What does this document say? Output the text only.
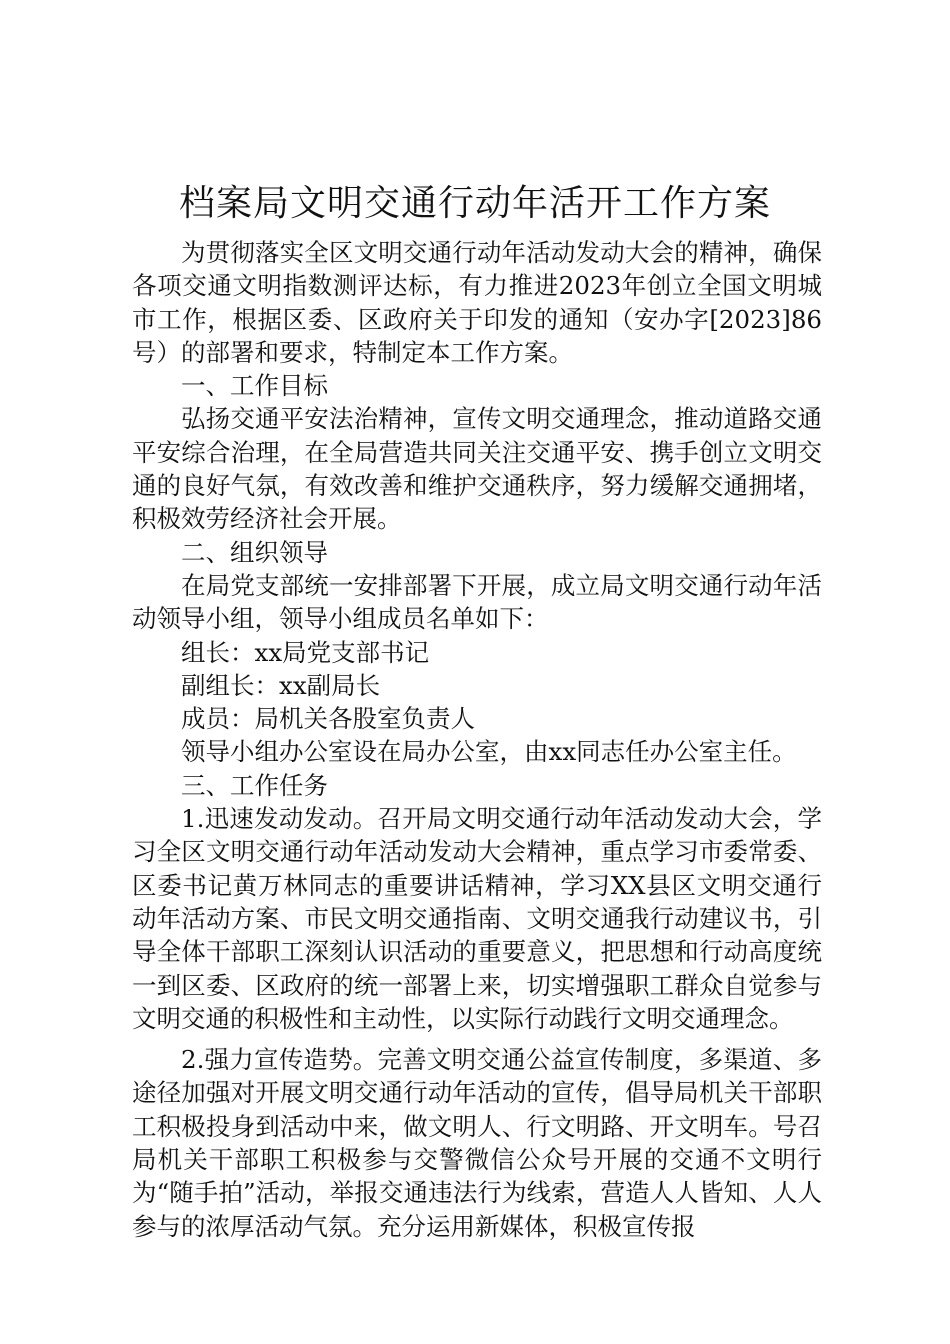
档案局文明交通行动年活开工作方案

为贯彻落实全区文明交通行动年活动发动大会的精神，确保各项交通文明指数测评达标，有力推进2023年创立全国文明城市工作，根据区委、区政府关于印发的通知（安办字[2023]86号）的部署和要求，特制定本工作方案。

一、工作目标

弘扬交通平安法治精神，宣传文明交通理念，推动道路交通平安综合治理，在全局营造共同关注交通平安、携手创立文明交通的良好气氛，有效改善和维护交通秩序，努力缓解交通拥堵，积极效劳经济社会开展。

二、组织领导

在局党支部统一安排部署下开展，成立局文明交通行动年活动领导小组，领导小组成员名单如下：

组长：xx局党支部书记

副组长：xx副局长

成员：局机关各股室负责人

领导小组办公室设在局办公室，由xx同志任办公室主任。

三、工作任务

1.迅速发动发动。召开局文明交通行动年活动发动大会，学习全区文明交通行动年活动发动大会精神，重点学习市委常委、区委书记黄万林同志的重要讲话精神，学习XX县区文明交通行动年活动方案、市民文明交通指南、文明交通我行动建议书，引导全体干部职工深刻认识活动的重要意义，把思想和行动高度统一到区委、区政府的统一部署上来，切实增强职工群众自觉参与文明交通的积极性和主动性，以实际行动践行文明交通理念。

2.强力宣传造势。完善文明交通公益宣传制度，多渠道、多途径加强对开展文明交通行动年活动的宣传，倡导局机关干部职工积极投身到活动中来，做文明人、行文明路、开文明车。号召局机关干部职工积极参与交警微信公众号开展的交通不文明行为“随手拍”活动，举报交通违法行为线索，营造人人皆知、人人参与的浓厚活动气氛。充分运用新媒体，积极宣传报
